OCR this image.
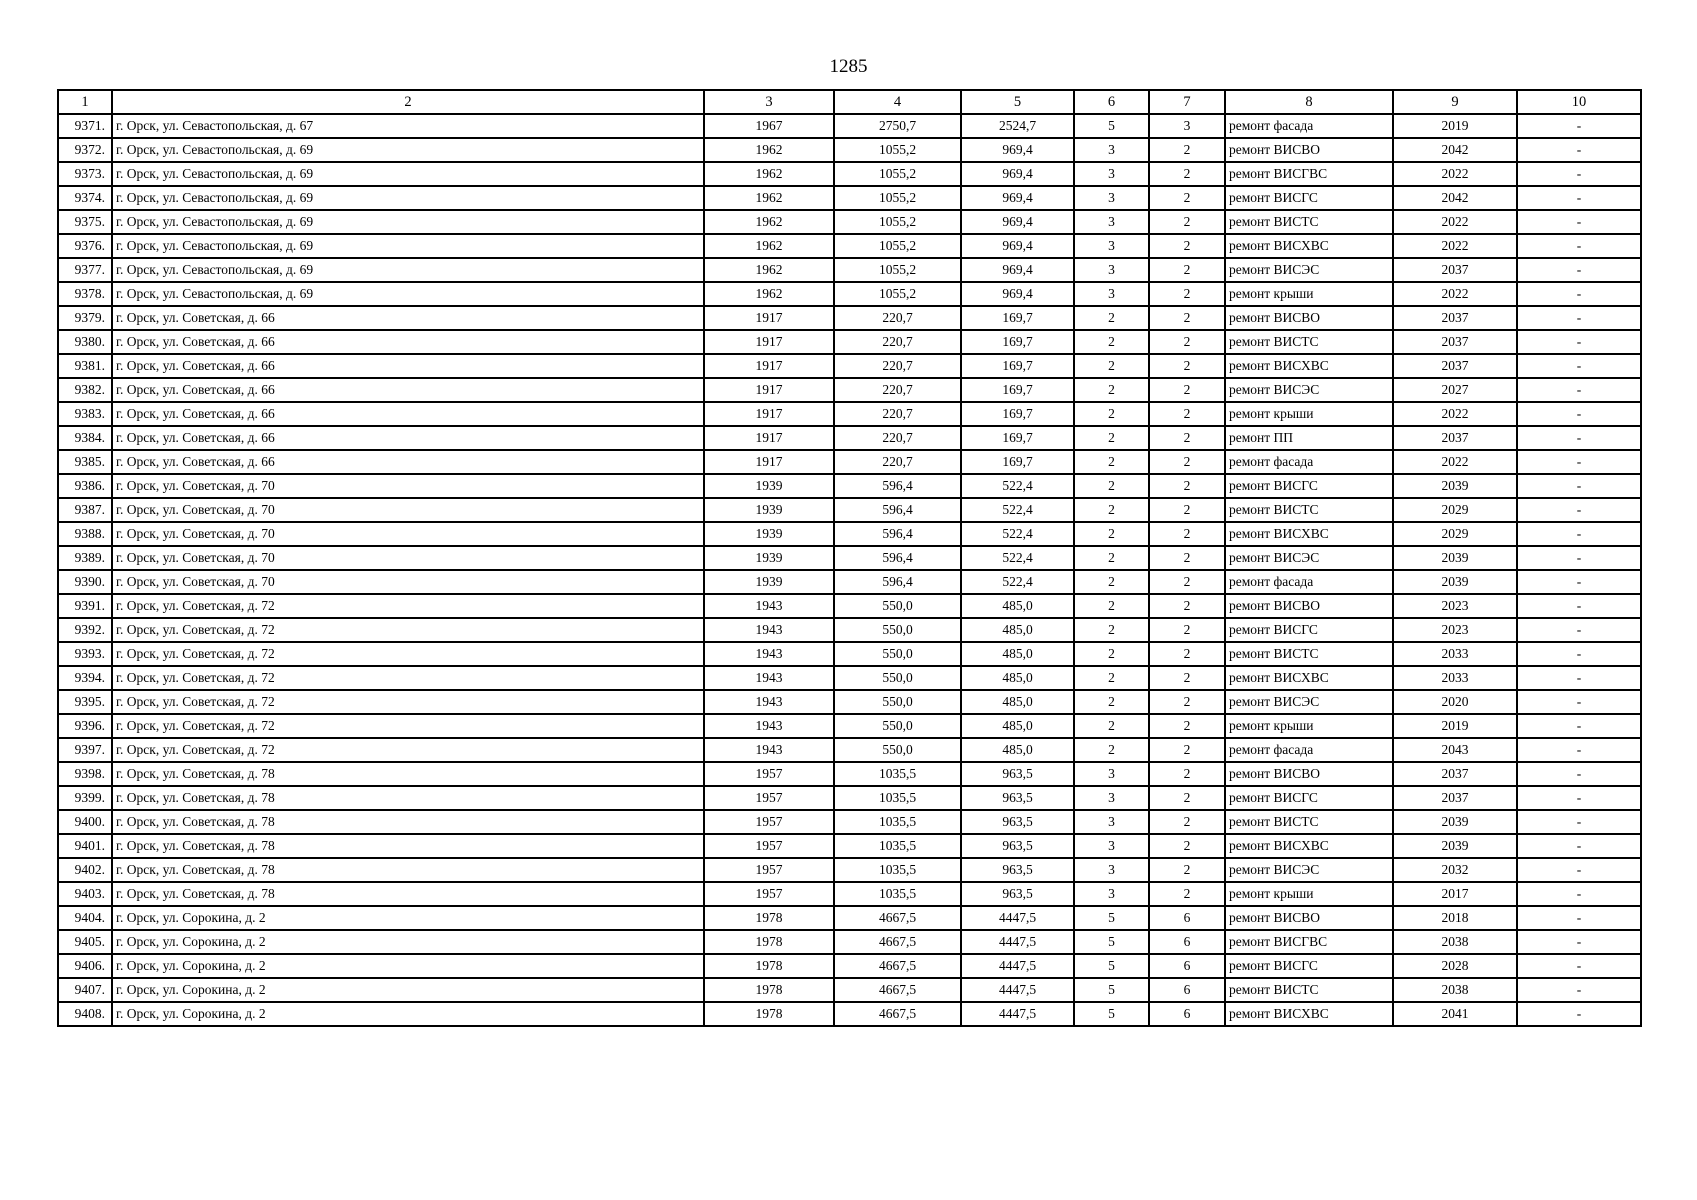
1285
1	2	3	4	5	6	7	8	9	10
9371.	г. Орск, ул. Севастопольская, д. 67	1967	2750,7	2524,7	5	3	ремонт фасада	2019	-
9372.	г. Орск, ул. Севастопольская, д. 69	1962	1055,2	969,4	3	2	ремонт ВИСВО	2042	-
9373.	г. Орск, ул. Севастопольская, д. 69	1962	1055,2	969,4	3	2	ремонт ВИСГВС	2022	-
9374.	г. Орск, ул. Севастопольская, д. 69	1962	1055,2	969,4	3	2	ремонт ВИСГС	2042	-
9375.	г. Орск, ул. Севастопольская, д. 69	1962	1055,2	969,4	3	2	ремонт ВИСТС	2022	-
9376.	г. Орск, ул. Севастопольская, д. 69	1962	1055,2	969,4	3	2	ремонт ВИСХВС	2022	-
9377.	г. Орск, ул. Севастопольская, д. 69	1962	1055,2	969,4	3	2	ремонт ВИСЭС	2037	-
9378.	г. Орск, ул. Севастопольская, д. 69	1962	1055,2	969,4	3	2	ремонт крыши	2022	-
9379.	г. Орск, ул. Советская, д. 66	1917	220,7	169,7	2	2	ремонт ВИСВО	2037	-
9380.	г. Орск, ул. Советская, д. 66	1917	220,7	169,7	2	2	ремонт ВИСТС	2037	-
9381.	г. Орск, ул. Советская, д. 66	1917	220,7	169,7	2	2	ремонт ВИСХВС	2037	-
9382.	г. Орск, ул. Советская, д. 66	1917	220,7	169,7	2	2	ремонт ВИСЭС	2027	-
9383.	г. Орск, ул. Советская, д. 66	1917	220,7	169,7	2	2	ремонт крыши	2022	-
9384.	г. Орск, ул. Советская, д. 66	1917	220,7	169,7	2	2	ремонт ПП	2037	-
9385.	г. Орск, ул. Советская, д. 66	1917	220,7	169,7	2	2	ремонт фасада	2022	-
9386.	г. Орск, ул. Советская, д. 70	1939	596,4	522,4	2	2	ремонт ВИСГС	2039	-
9387.	г. Орск, ул. Советская, д. 70	1939	596,4	522,4	2	2	ремонт ВИСТС	2029	-
9388.	г. Орск, ул. Советская, д. 70	1939	596,4	522,4	2	2	ремонт ВИСХВС	2029	-
9389.	г. Орск, ул. Советская, д. 70	1939	596,4	522,4	2	2	ремонт ВИСЭС	2039	-
9390.	г. Орск, ул. Советская, д. 70	1939	596,4	522,4	2	2	ремонт фасада	2039	-
9391.	г. Орск, ул. Советская, д. 72	1943	550,0	485,0	2	2	ремонт ВИСВО	2023	-
9392.	г. Орск, ул. Советская, д. 72	1943	550,0	485,0	2	2	ремонт ВИСГС	2023	-
9393.	г. Орск, ул. Советская, д. 72	1943	550,0	485,0	2	2	ремонт ВИСТС	2033	-
9394.	г. Орск, ул. Советская, д. 72	1943	550,0	485,0	2	2	ремонт ВИСХВС	2033	-
9395.	г. Орск, ул. Советская, д. 72	1943	550,0	485,0	2	2	ремонт ВИСЭС	2020	-
9396.	г. Орск, ул. Советская, д. 72	1943	550,0	485,0	2	2	ремонт крыши	2019	-
9397.	г. Орск, ул. Советская, д. 72	1943	550,0	485,0	2	2	ремонт фасада	2043	-
9398.	г. Орск, ул. Советская, д. 78	1957	1035,5	963,5	3	2	ремонт ВИСВО	2037	-
9399.	г. Орск, ул. Советская, д. 78	1957	1035,5	963,5	3	2	ремонт ВИСГС	2037	-
9400.	г. Орск, ул. Советская, д. 78	1957	1035,5	963,5	3	2	ремонт ВИСТС	2039	-
9401.	г. Орск, ул. Советская, д. 78	1957	1035,5	963,5	3	2	ремонт ВИСХВС	2039	-
9402.	г. Орск, ул. Советская, д. 78	1957	1035,5	963,5	3	2	ремонт ВИСЭС	2032	-
9403.	г. Орск, ул. Советская, д. 78	1957	1035,5	963,5	3	2	ремонт крыши	2017	-
9404.	г. Орск, ул. Сорокина, д. 2	1978	4667,5	4447,5	5	6	ремонт ВИСВО	2018	-
9405.	г. Орск, ул. Сорокина, д. 2	1978	4667,5	4447,5	5	6	ремонт ВИСГВС	2038	-
9406.	г. Орск, ул. Сорокина, д. 2	1978	4667,5	4447,5	5	6	ремонт ВИСГС	2028	-
9407.	г. Орск, ул. Сорокина, д. 2	1978	4667,5	4447,5	5	6	ремонт ВИСТС	2038	-
9408.	г. Орск, ул. Сорокина, д. 2	1978	4667,5	4447,5	5	6	ремонт ВИСХВС	2041	-
